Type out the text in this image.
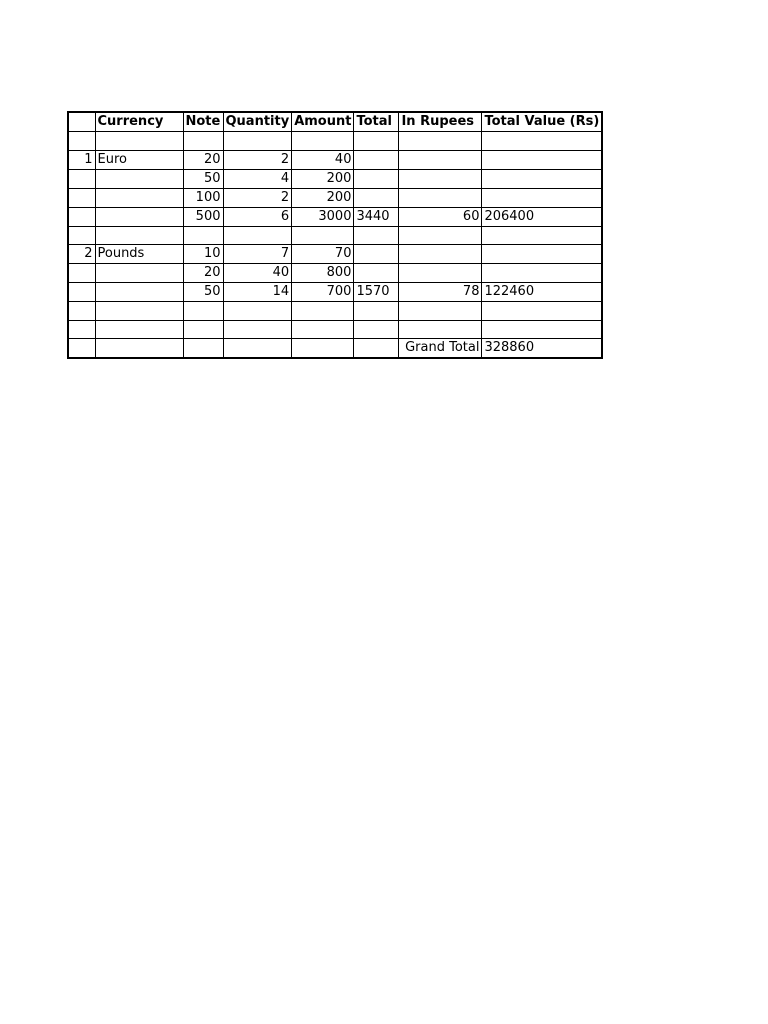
	Currency	Note	Quantity	Amount	Total	In Rupees	Total Value (Rs)

1	Euro	20	2	40			
		50	4	200			
		100	2	200			
		500	6	3000	3440	60	206400

2	Pounds	10	7	70			
		20	40	800			
		50	14	700	1570	78	122460

						Grand Total	328860
